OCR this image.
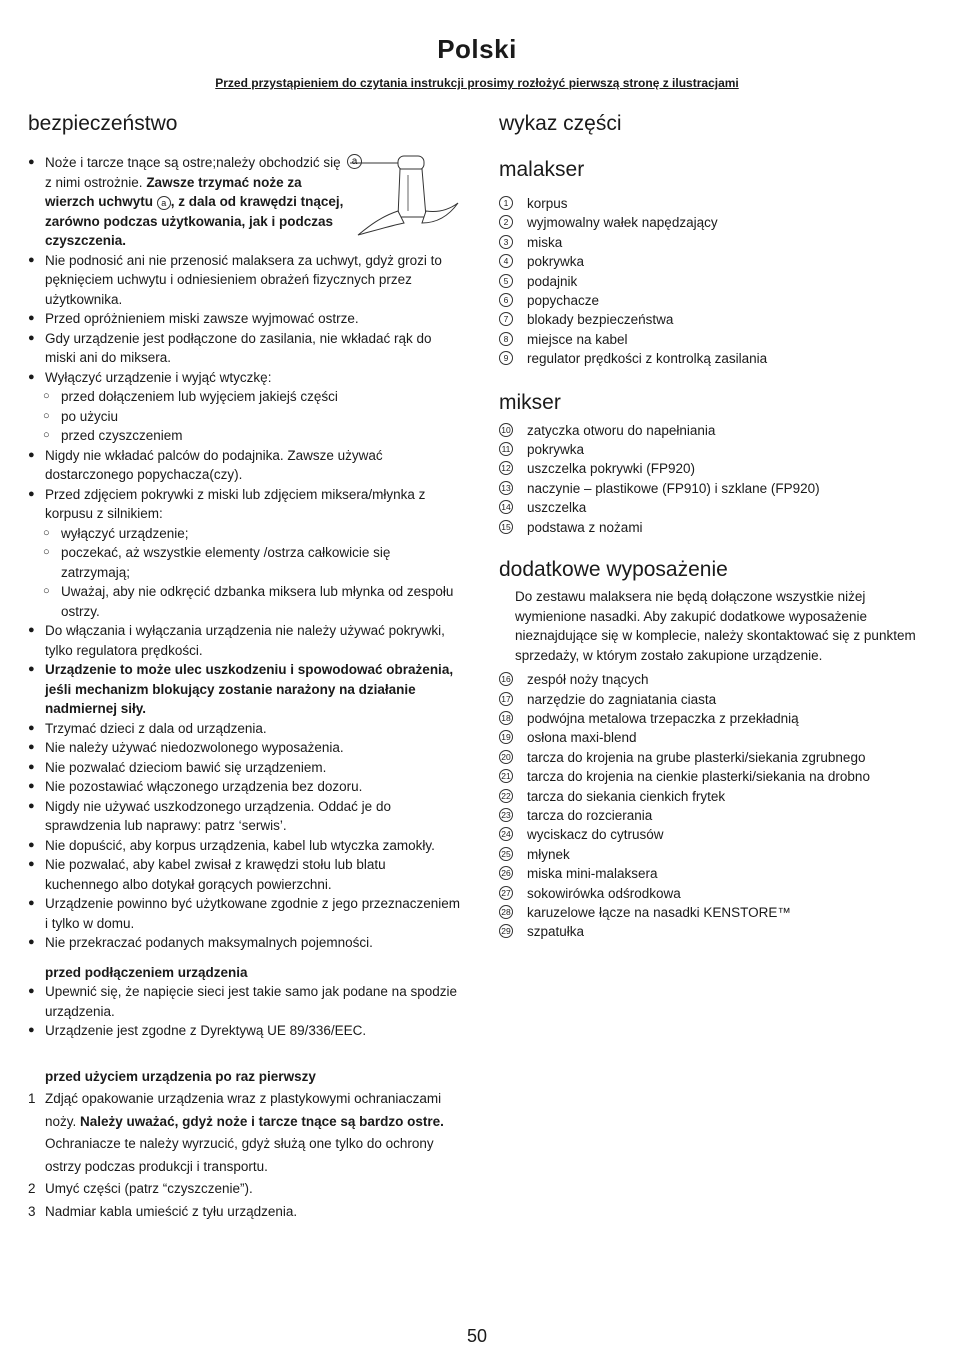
Polski
Przed przystąpieniem do czytania instrukcji prosimy rozłożyć pierwszą stronę z ilustracjami
bezpieczeństwo
a
● Noże i tarcze tnące są ostre;należy obchodzić się z nimi ostrożnie. Zawsze trzymać noże za wierzch uchwytu a , z dala od krawędzi tnącej, zarówno podczas użytkowania, jak i podczas czyszczenia.
● Nie podnosić ani nie przenosić malaksera za uchwyt, gdyż grozi to pęknięciem uchwytu i odniesieniem obrażeń fizycznych przez użytkownika.
● Przed opróżnieniem miski zawsze wyjmować ostrze.
● Gdy urządzenie jest podłączone do zasilania, nie wkładać rąk do miski ani do miksera.
● Wyłączyć urządzenie i wyjąć wtyczkę:
○ przed dołączeniem lub wyjęciem jakiejś części
○ po użyciu
○ przed czyszczeniem
● Nigdy nie wkładać palców do podajnika. Zawsze używać dostarczonego popychacza(czy).
● Przed zdjęciem pokrywki z miski lub zdjęciem miksera/młynka z korpusu z silnikiem:
○ wyłączyć urządzenie;
○ poczekać, aż wszystkie elementy /ostrza całkowicie się zatrzymają;
○ Uważaj, aby nie odkręcić dzbanka miksera lub młynka od zespołu ostrzy.
● Do włączania i wyłączania urządzenia nie należy używać pokrywki, tylko regulatora prędkości.
● Urządzenie to może ulec uszkodzeniu i spowodować obrażenia, jeśli mechanizm blokujący zostanie narażony na działanie nadmiernej siły.
● Trzymać dzieci z dala od urządzenia.
● Nie należy używać niedozwolonego wyposażenia.
● Nie pozwalać dzieciom bawić się urządzeniem.
● Nie pozostawiać włączonego urządzenia bez dozoru.
● Nigdy nie używać uszkodzonego urządzenia. Oddać je do sprawdzenia lub naprawy: patrz ‘serwis’.
● Nie dopuścić, aby korpus urządzenia, kabel lub wtyczka zamokły.
● Nie pozwalać, aby kabel zwisał z krawędzi stołu lub blatu kuchennego albo dotykał gorących powierzchni.
● Urządzenie powinno być użytkowane zgodnie z jego przeznaczeniem i tylko w domu.
● Nie przekraczać podanych maksymalnych pojemności.
przed podłączeniem urządzenia
● Upewnić się, że napięcie sieci jest takie samo jak podane na spodzie urządzenia.
● Urządzenie jest zgodne z Dyrektywą UE 89/336/EEC.
przed użyciem urządzenia po raz pierwszy
1 Zdjąć opakowanie urządzenia wraz z plastykowymi ochraniaczami noży. Należy uważać, gdyż noże i tarcze tnące są bardzo ostre. Ochraniacze te należy wyrzucić, gdyż służą one tylko do ochrony ostrzy podczas produkcji i transportu.
2 Umyć części (patrz “czyszczenie”).
3 Nadmiar kabla umieścić z tyłu urządzenia.
wykaz części
malakser
1	korpus
2	wyjmowalny wałek napędzający
3	miska
4	pokrywka
5	podajnik
6	popychacze
7	blokady bezpieczeństwa
8	miejsce na kabel
9	regulator prędkości z kontrolką zasilania
mikser
10 zatyczka otworu do napełniania
11 pokrywka
12 uszczelka pokrywki (FP920)
13 naczynie – plastikowe (FP910) i szklane (FP920)
14 uszczelka
15 podstawa z nożami
dodatkowe wyposażenie
Do zestawu malaksera nie będą dołączone wszystkie niżej wymienione nasadki. Aby zakupić dodatkowe wyposażenie nieznajdujące się w komplecie, należy skontaktować się z punktem sprzedaży, w którym zostało zakupione urządzenie.
16 zespół noży tnących
17 narzędzie do zagniatania ciasta
18 podwójna metalowa trzepaczka z przekładnią
19 osłona maxi-blend
20 tarcza do krojenia na grube plasterki/siekania zgrubnego
21 tarcza do krojenia na cienkie plasterki/siekania na drobno
22 tarcza do siekania cienkich frytek
23 tarcza do rozcierania
24 wyciskacz do cytrusów
25 młynek
26 miska mini-malaksera
27 sokowirówka odśrodkowa
28 karuzelowe łącze na nasadki KENSTORE™
29 szpatułka
50
